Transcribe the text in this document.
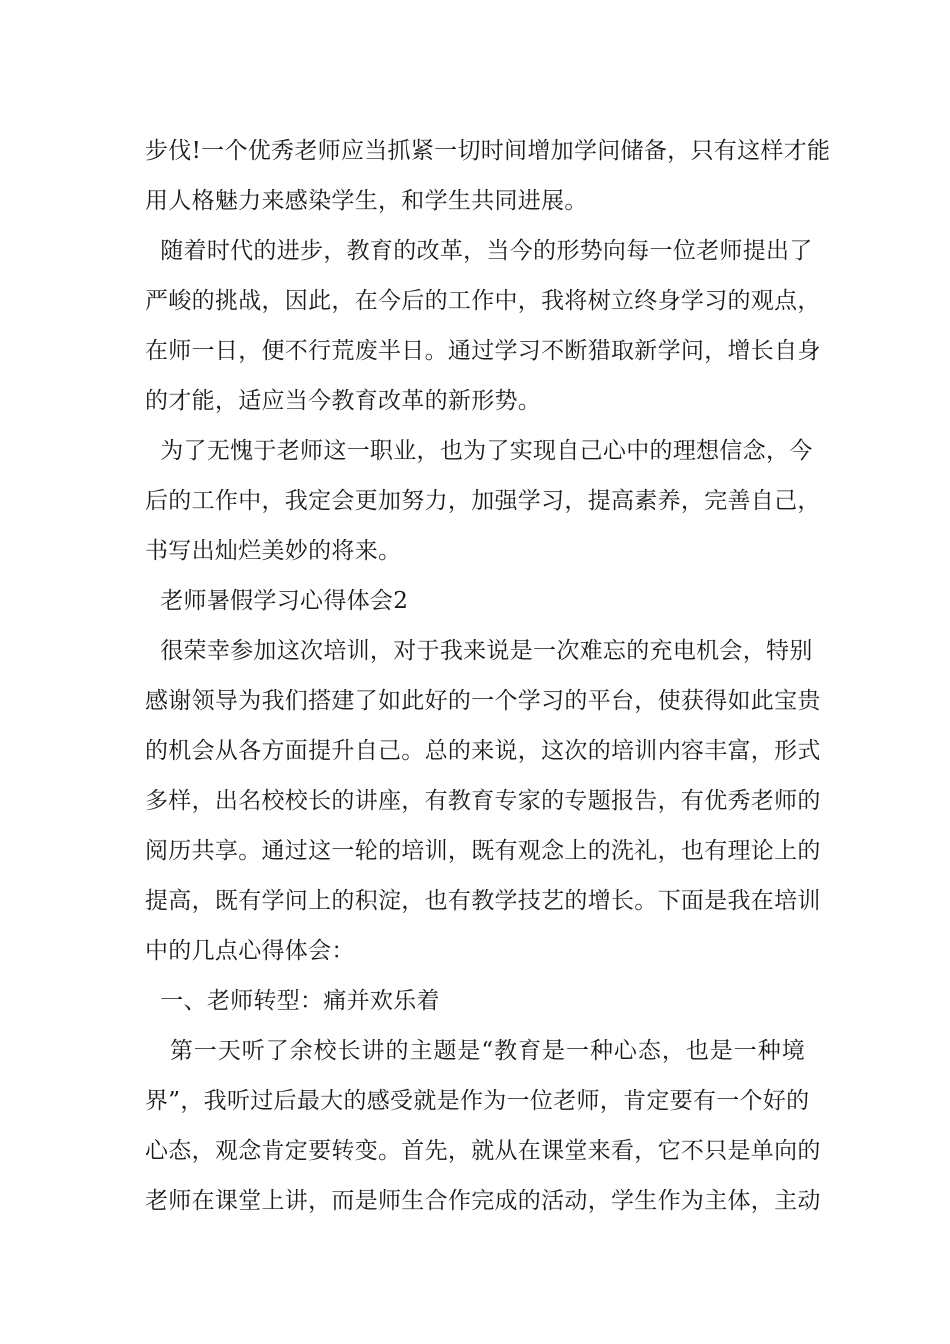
步伐!一个优秀老师应当抓紧一切时间增加学问储备，只有这样才能
用人格魅力来感染学生，和学生共同进展。
随着时代的进步，教育的改革，当今的形势向每一位老师提出了
严峻的挑战，因此，在今后的工作中，我将树立终身学习的观点，
在师一日，便不行荒废半日。通过学习不断猎取新学问，增长自身
的才能，适应当今教育改革的新形势。
为了无愧于老师这一职业，也为了实现自己心中的理想信念，今
后的工作中，我定会更加努力，加强学习，提高素养，完善自己，
书写出灿烂美妙的将来。
老师暑假学习心得体会2
很荣幸参加这次培训，对于我来说是一次难忘的充电机会，特别
感谢领导为我们搭建了如此好的一个学习的平台，使获得如此宝贵
的机会从各方面提升自己。总的来说，这次的培训内容丰富，形式
多样，出名校校长的讲座，有教育专家的专题报告，有优秀老师的
阅历共享。通过这一轮的培训，既有观念上的洗礼，也有理论上的
提高，既有学问上的积淀，也有教学技艺的增长。下面是我在培训
中的几点心得体会：
一、老师转型：痛并欢乐着
第一天听了余校长讲的主题是“教育是一种心态，也是一种境
界”，我听过后最大的感受就是作为一位老师，肯定要有一个好的
心态，观念肯定要转变。首先，就从在课堂来看，它不只是单向的
老师在课堂上讲，而是师生合作完成的活动，学生作为主体，主动
